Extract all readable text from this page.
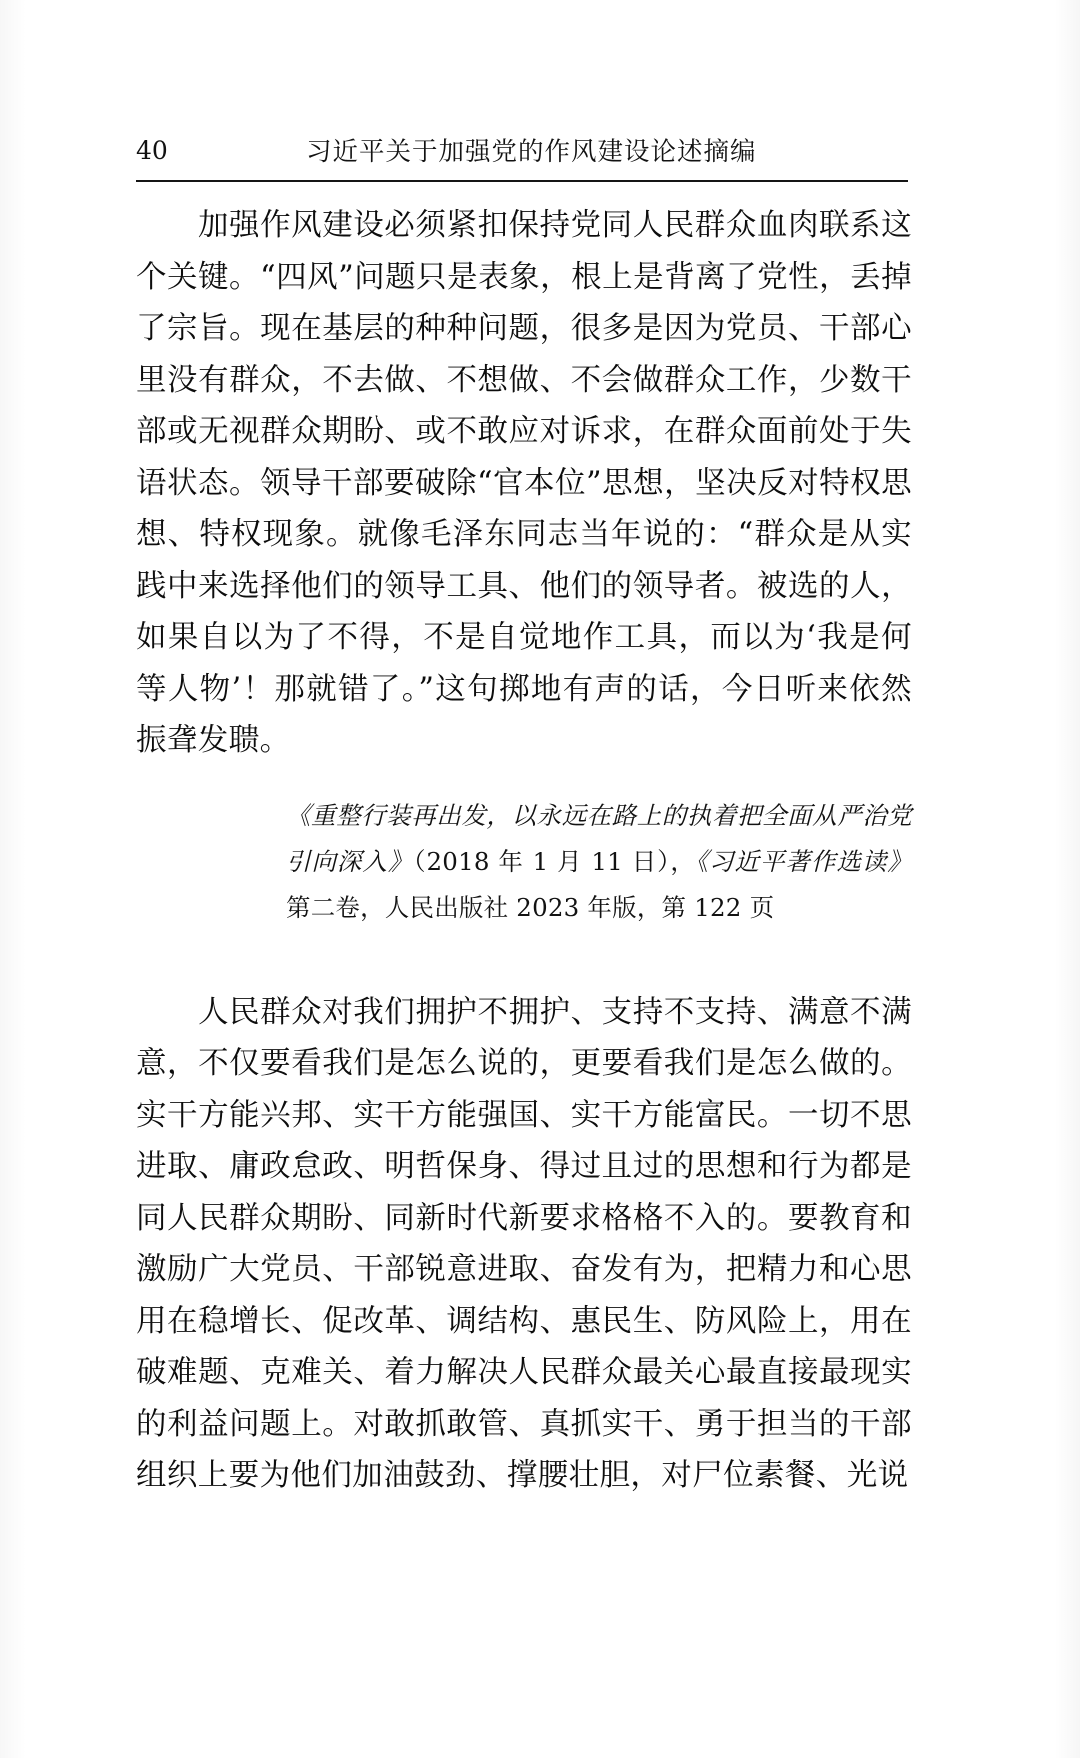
40	习近平关于加强党的作风建设论述摘编

加强作风建设必须紧扣保持党同人民群众血肉联系这个关键。“四风”问题只是表象，根上是背离了党性，丢掉了宗旨。现在基层的种种问题，很多是因为党员、干部心里没有群众，不去做、不想做、不会做群众工作，少数干部或无视群众期盼、或不敢应对诉求，在群众面前处于失语状态。领导干部要破除“官本位”思想，坚决反对特权思想、特权现象。就像毛泽东同志当年说的：“群众是从实践中来选择他们的领导工具、他们的领导者。被选的人，如果自以为了不得，不是自觉地作工具，而以为‘我是何等人物’！那就错了。”这句掷地有声的话，今日听来依然振聋发聩。

《重整行装再出发，以永远在路上的执着把全面从严治党引向深入》（2018 年 1 月 11 日），《习近平著作选读》第二卷，人民出版社 2023 年版，第 122 页

人民群众对我们拥护不拥护、支持不支持、满意不满意，不仅要看我们是怎么说的，更要看我们是怎么做的。实干方能兴邦、实干方能强国、实干方能富民。一切不思进取、庸政怠政、明哲保身、得过且过的思想和行为都是同人民群众期盼、同新时代新要求格格不入的。要教育和激励广大党员、干部锐意进取、奋发有为，把精力和心思用在稳增长、促改革、调结构、惠民生、防风险上，用在破难题、克难关、着力解决人民群众最关心最直接最现实的利益问题上。对敢抓敢管、真抓实干、勇于担当的干部组织上要为他们加油鼓劲、撑腰壮胆，对尸位素餐、光说
